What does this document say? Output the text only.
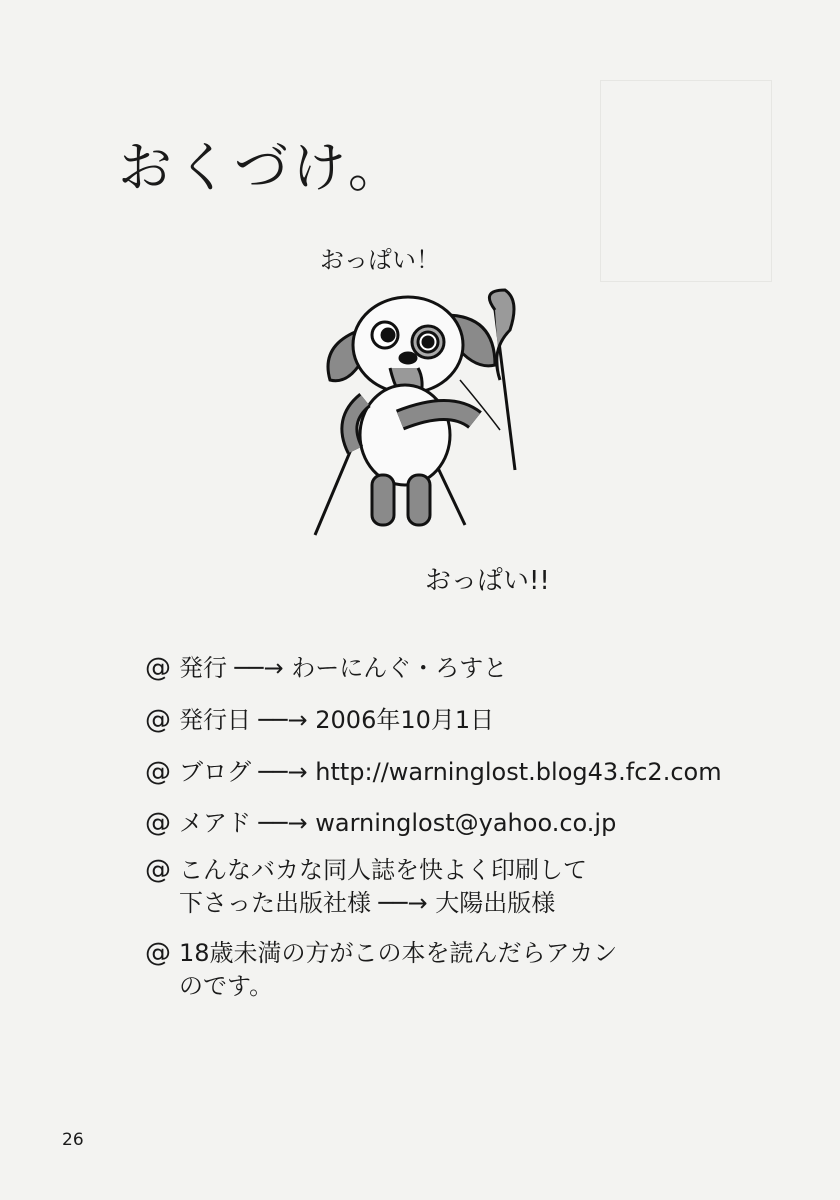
おくづけ。
おっぱい！
おっぱい!!
@ 発行 ──→ わーにんぐ・ろすと
@ 発行日 ──→ 2006年10月1日
@ ブログ ──→ http://warninglost.blog43.fc2.com
@ メアド ──→ warninglost@yahoo.co.jp
@ こんなバカな同人誌を快よく印刷して
下さった出版社様 ──→ 大陽出版様
@ 18歳未満の方がこの本を読んだらアカン
のです。
26
